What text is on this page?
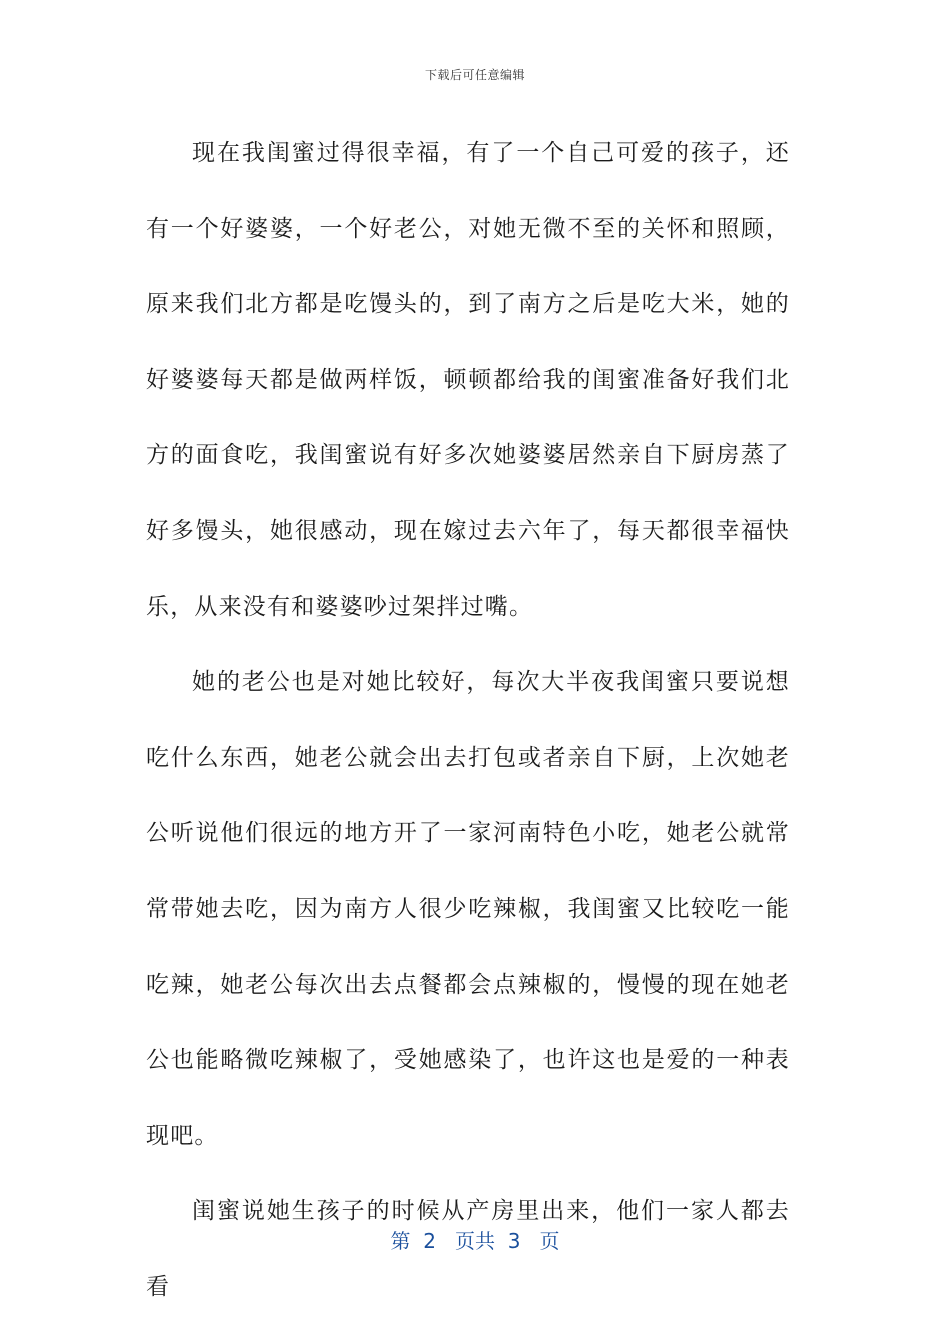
下载后可任意编辑

现在我闺蜜过得很幸福，有了一个自己可爱的孩子，还有一个好婆婆，一个好老公，对她无微不至的关怀和照顾，原来我们北方都是吃馒头的，到了南方之后是吃大米，她的好婆婆每天都是做两样饭，顿顿都给我的闺蜜准备好我们北方的面食吃，我闺蜜说有好多次她婆婆居然亲自下厨房蒸了好多馒头，她很感动，现在嫁过去六年了，每天都很幸福快乐，从来没有和婆婆吵过架拌过嘴。

她的老公也是对她比较好，每次大半夜我闺蜜只要说想吃什么东西，她老公就会出去打包或者亲自下厨，上次她老公听说他们很远的地方开了一家河南特色小吃，她老公就常常带她去吃，因为南方人很少吃辣椒，我闺蜜又比较吃一能吃辣，她老公每次出去点餐都会点辣椒的，慢慢的现在她老公也能略微吃辣椒了，受她感染了，也许这也是爱的一种表现吧。

闺蜜说她生孩子的时候从产房里出来，他们一家人都去看

第  2   页共  3   页
